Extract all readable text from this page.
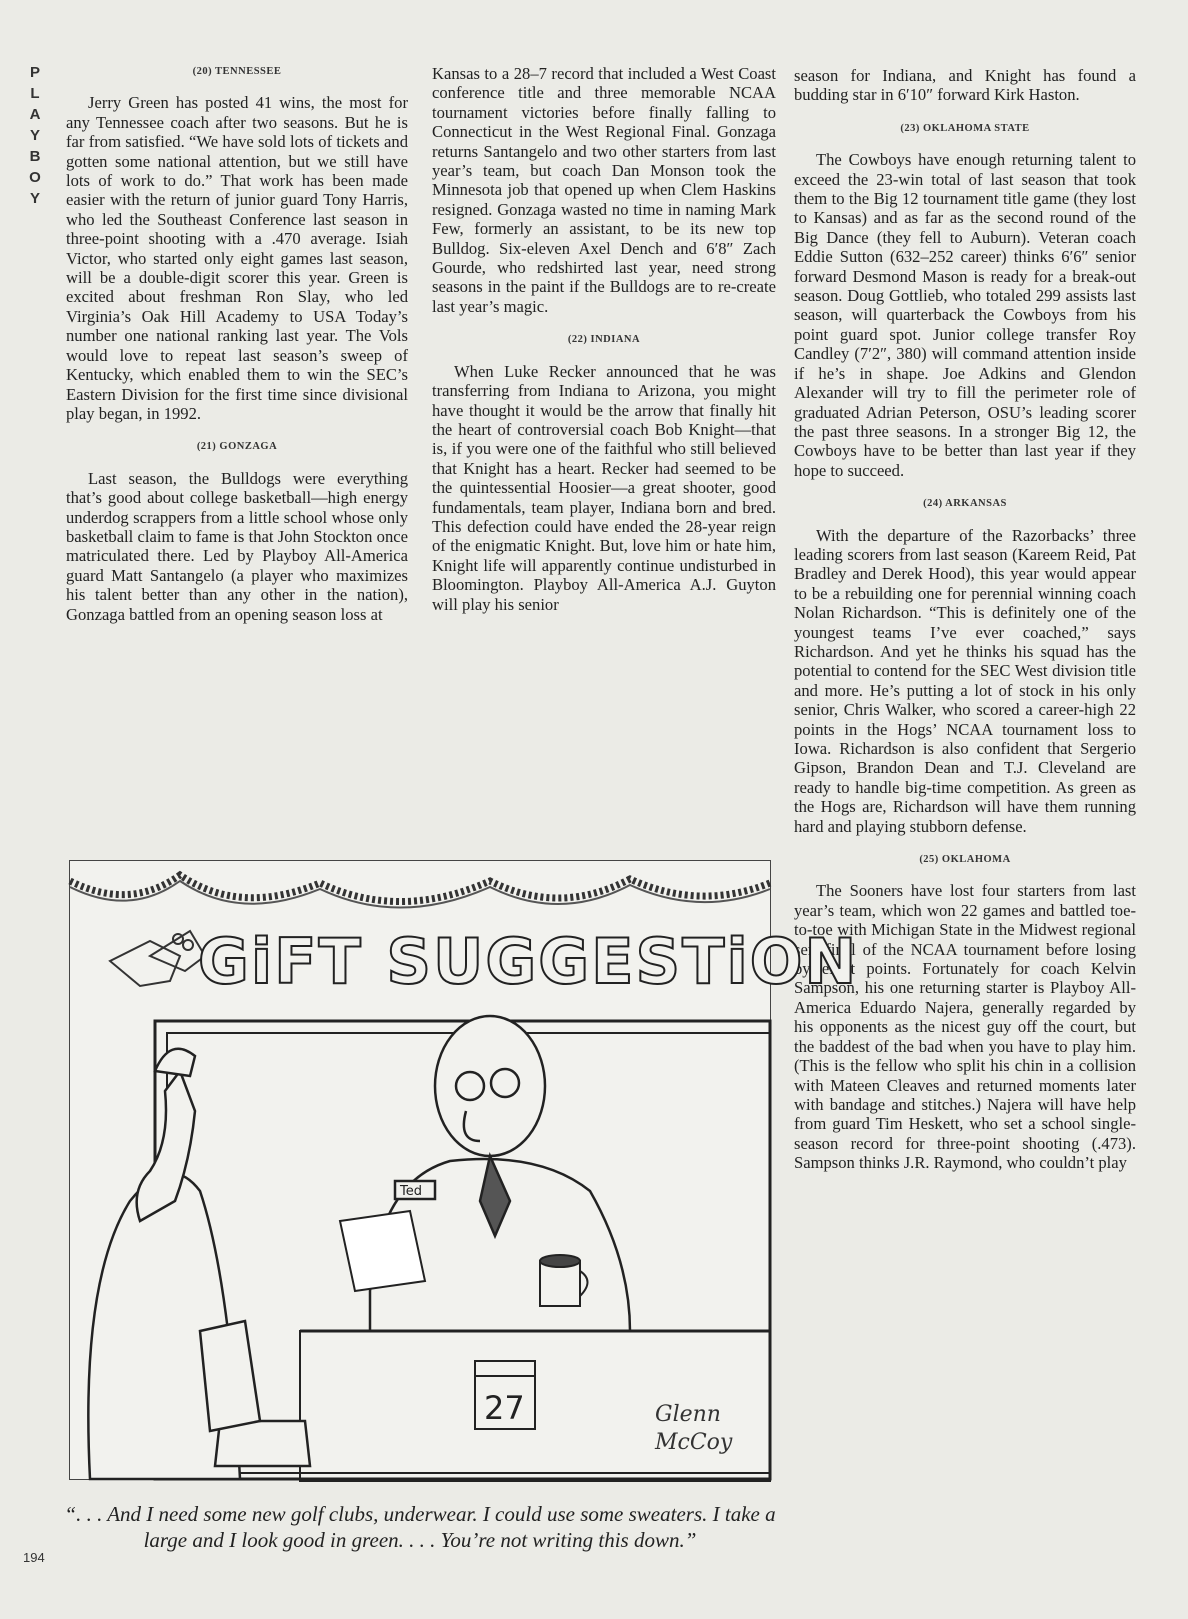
P
L
A
Y
B
O
Y
(20) TENNESSEE

Jerry Green has posted 41 wins, the most for any Tennessee coach after two seasons. But he is far from satisfied. “We have sold lots of tickets and gotten some national attention, but we still have lots of work to do.” That work has been made easier with the return of junior guard Tony Harris, who led the Southeast Conference last season in three-point shooting with a .470 average. Isiah Victor, who started only eight games last season, will be a double-digit scorer this year. Green is excited about freshman Ron Slay, who led Virginia’s Oak Hill Academy to USA Today’s number one national ranking last year. The Vols would love to repeat last season’s sweep of Kentucky, which enabled them to win the SEC’s Eastern Division for the first time since divisional play began, in 1992.

(21) GONZAGA

Last season, the Bulldogs were everything that’s good about college basketball—high energy underdog scrappers from a little school whose only basketball claim to fame is that John Stockton once matriculated there. Led by Playboy All-America guard Matt Santangelo (a player who maximizes his talent better than any other in the nation), Gonzaga battled from an opening season loss at

Kansas to a 28–7 record that included a West Coast conference title and three memorable NCAA tournament victories before finally falling to Connecticut in the West Regional Final. Gonzaga returns Santangelo and two other starters from last year’s team, but coach Dan Monson took the Minnesota job that opened up when Clem Haskins resigned. Gonzaga wasted no time in naming Mark Few, formerly an assistant, to be its new top Bulldog. Six-eleven Axel Dench and 6′8″ Zach Gourde, who redshirted last year, need strong seasons in the paint if the Bulldogs are to re-create last year’s magic.

(22) INDIANA

When Luke Recker announced that he was transferring from Indiana to Arizona, you might have thought it would be the arrow that finally hit the heart of controversial coach Bob Knight—that is, if you were one of the faithful who still believed that Knight has a heart. Recker had seemed to be the quintessential Hoosier—a great shooter, good fundamentals, team player, Indiana born and bred. This defection could have ended the 28-year reign of the enigmatic Knight. But, love him or hate him, Knight life will apparently continue undisturbed in Bloomington. Playboy All-America A.J. Guyton will play his senior

season for Indiana, and Knight has found a budding star in 6′10″ forward Kirk Haston.

(23) OKLAHOMA STATE

The Cowboys have enough returning talent to exceed the 23-win total of last season that took them to the Big 12 tournament title game (they lost to Kansas) and as far as the second round of the Big Dance (they fell to Auburn). Veteran coach Eddie Sutton (632–252 career) thinks 6′6″ senior forward Desmond Mason is ready for a break-out season. Doug Gottlieb, who totaled 299 assists last season, will quarterback the Cowboys from his point guard spot. Junior college transfer Roy Candley (7′2″, 380) will command attention inside if he’s in shape. Joe Adkins and Glendon Alexander will try to fill the perimeter role of graduated Adrian Peterson, OSU’s leading scorer the past three seasons. In a stronger Big 12, the Cowboys have to be better than last year if they hope to succeed.

(24) ARKANSAS

With the departure of the Razorbacks’ three leading scorers from last season (Kareem Reid, Pat Bradley and Derek Hood), this year would appear to be a rebuilding one for perennial winning coach Nolan Richardson. “This is definitely one of the youngest teams I’ve ever coached,” says Richardson. And yet he thinks his squad has the potential to contend for the SEC West division title and more. He’s putting a lot of stock in his only senior, Chris Walker, who scored a career-high 22 points in the Hogs’ NCAA tournament loss to Iowa. Richardson is also confident that Sergerio Gipson, Brandon Dean and T.J. Cleveland are ready to handle big-time competition. As green as the Hogs are, Richardson will have them running hard and playing stubborn defense.

(25) OKLAHOMA

The Sooners have lost four starters from last year’s team, which won 22 games and battled toe-to-toe with Michigan State in the Midwest regional semifinal of the NCAA tournament before losing by eight points. Fortunately for coach Kelvin Sampson, his one returning starter is Playboy All-America Eduardo Najera, generally regarded by his opponents as the nicest guy off the court, but the baddest of the bad when you have to play him. (This is the fellow who split his chin in a collision with Mateen Cleaves and returned moments later with bandage and stitches.) Najera will have help from guard Tim Heskett, who set a school single-season record for three-point shooting (.473). Sampson thinks J.R. Raymond, who couldn’t play

GiFT SUGGESTiON
Ted
27	Glenn
McCoy
“. . . And I need some new golf clubs, underwear. I could use some sweaters. I take a large and I look good in green. . . . You’re not writing this down.”
194
